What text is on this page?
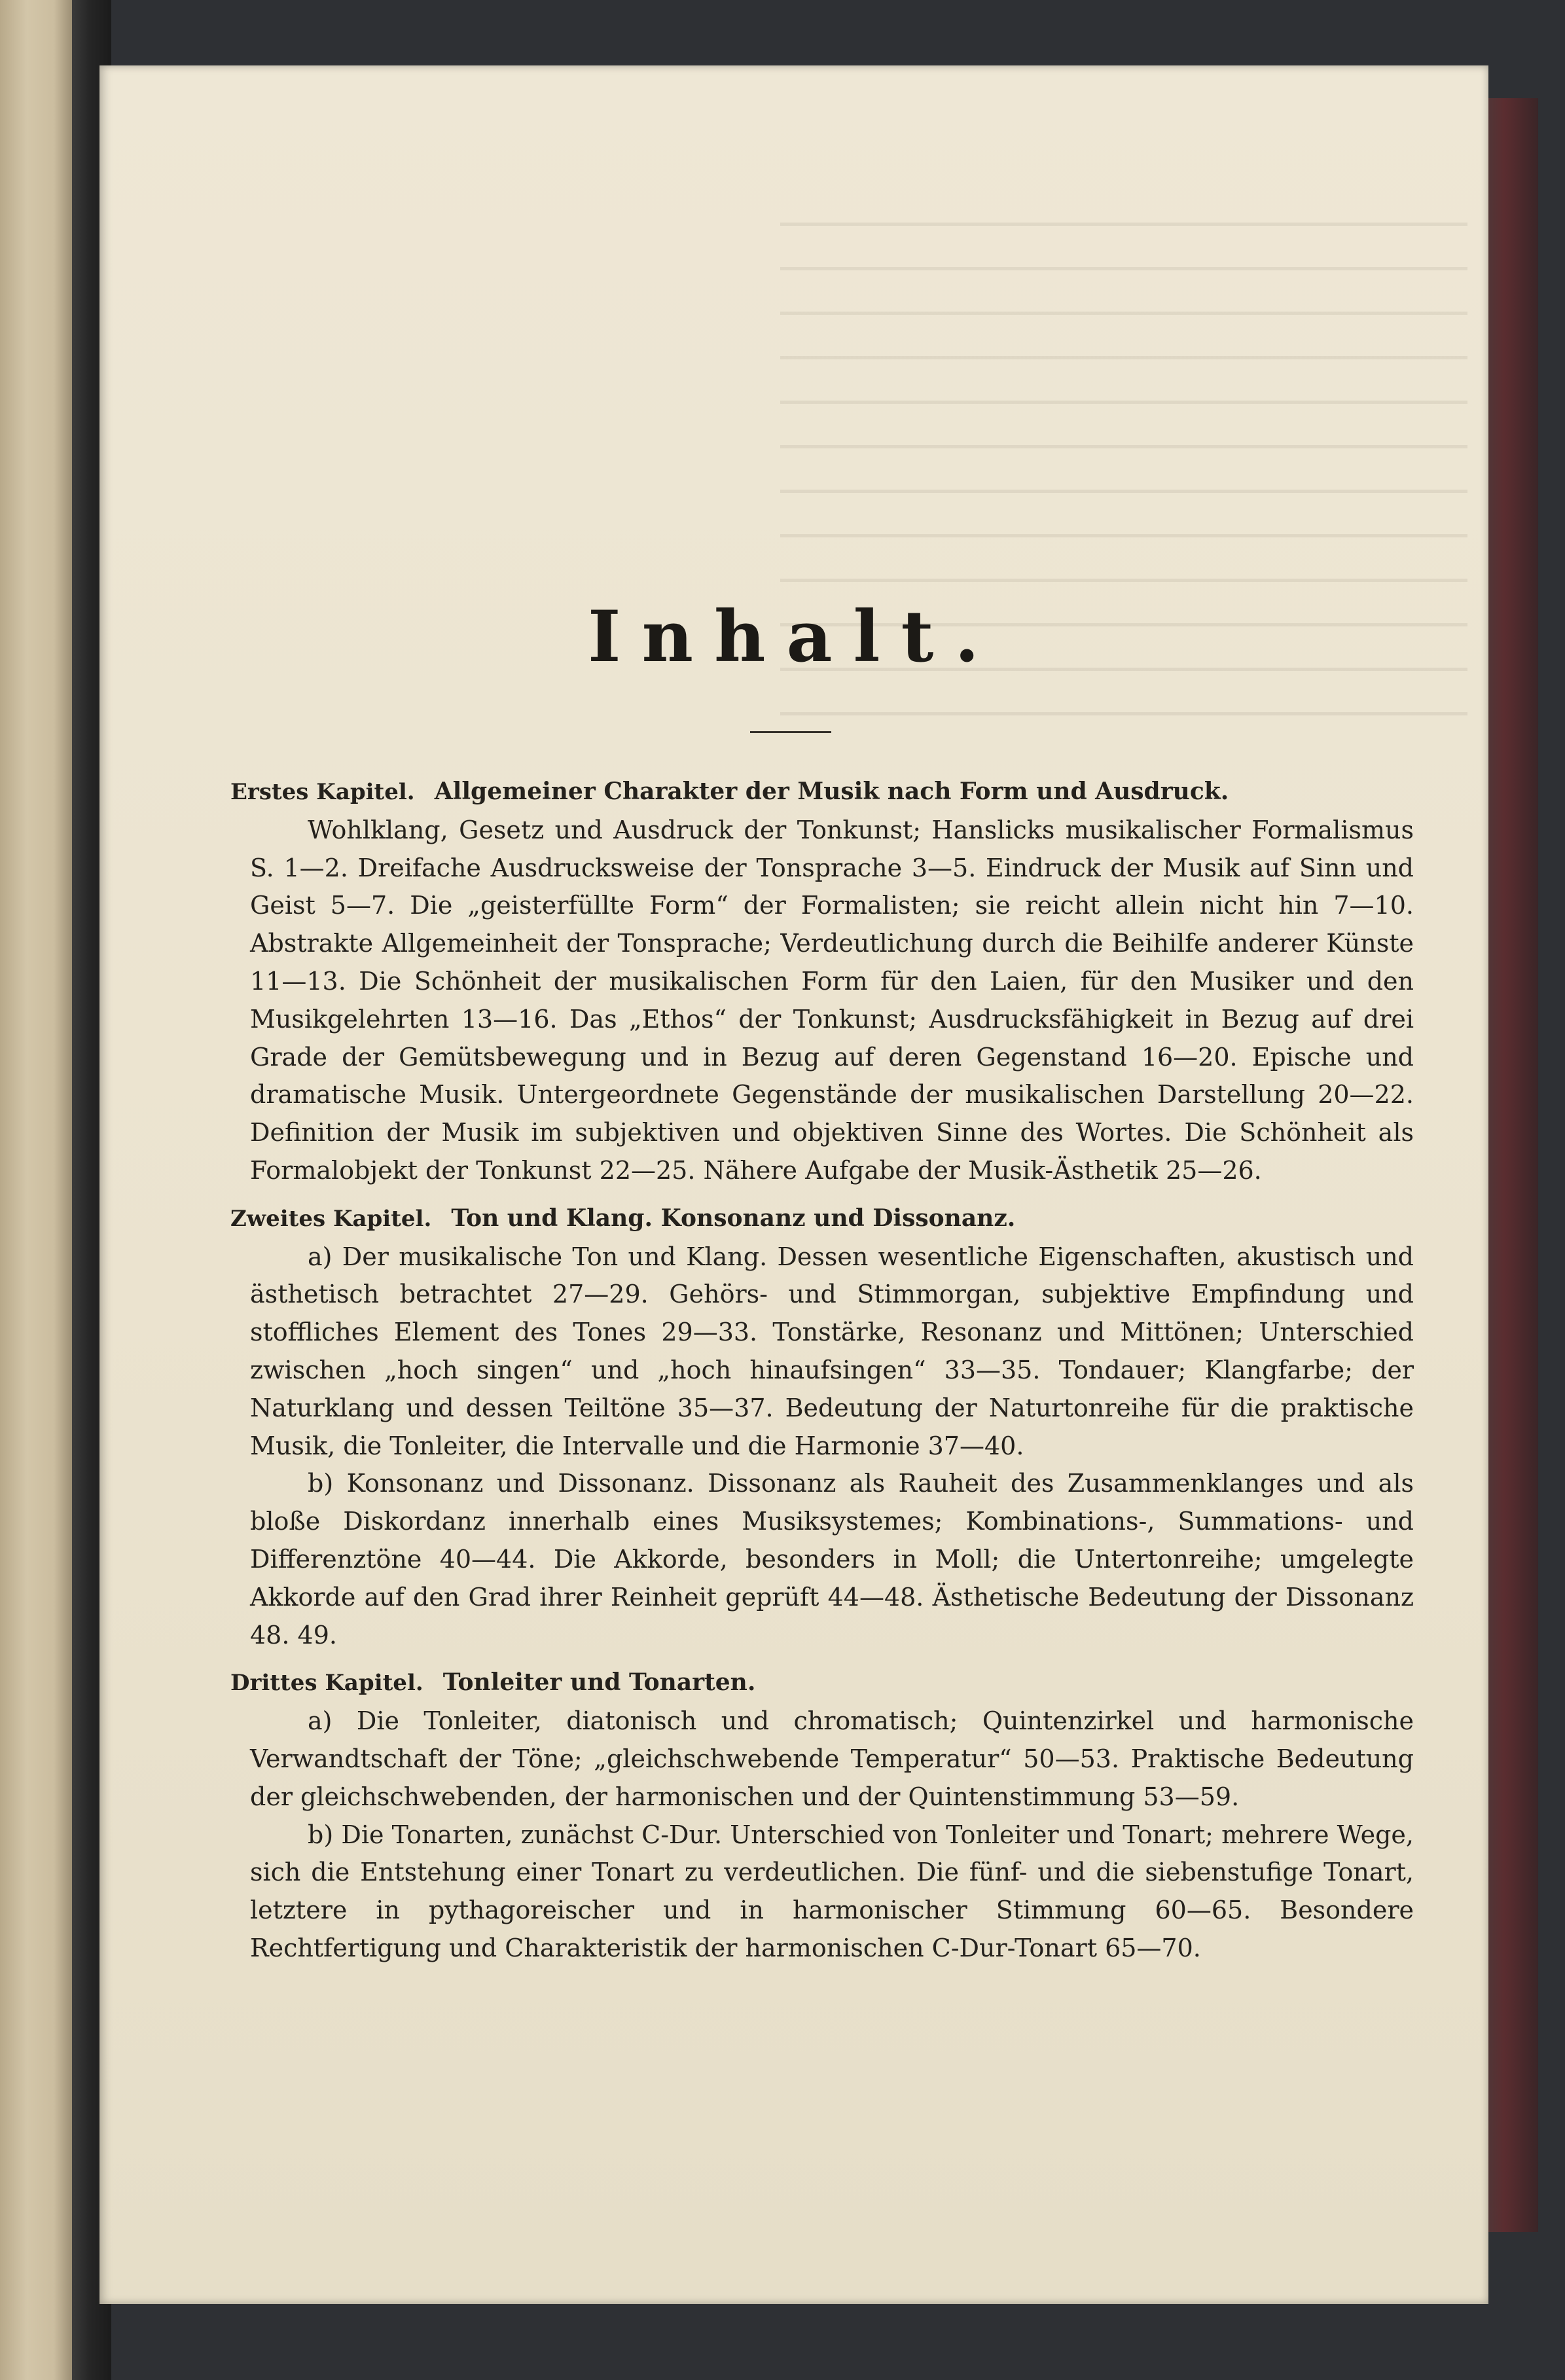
Inhalt.
Erstes Kapitel. Allgemeiner Charakter der Musik nach Form und Ausdruck.
Wohlklang, Gesetz und Ausdruck der Tonkunst; Hanslicks musikalischer Formalismus S. 1—2. Dreifache Ausdrucksweise der Tonsprache 3—5. Eindruck der Musik auf Sinn und Geist 5—7. Die „geisterfüllte Form“ der Formalisten; sie reicht allein nicht hin 7—10. Abstrakte Allgemeinheit der Tonsprache; Verdeutlichung durch die Beihilfe anderer Künste 11—13. Die Schönheit der musikalischen Form für den Laien, für den Musiker und den Musikgelehrten 13—16. Das „Ethos“ der Tonkunst; Ausdrucksfähigkeit in Bezug auf drei Grade der Gemütsbewegung und in Bezug auf deren Gegenstand 16—20. Epische und dramatische Musik. Untergeordnete Gegenstände der musikalischen Darstellung 20—22. Definition der Musik im subjektiven und objektiven Sinne des Wortes. Die Schönheit als Formalobjekt der Tonkunst 22—25. Nähere Aufgabe der Musik-Ästhetik 25—26.
Zweites Kapitel. Ton und Klang. Konsonanz und Dissonanz.
a) Der musikalische Ton und Klang. Dessen wesentliche Eigenschaften, akustisch und ästhetisch betrachtet 27—29. Gehörs- und Stimmorgan, subjektive Empfindung und stoffliches Element des Tones 29—33. Tonstärke, Resonanz und Mittönen; Unterschied zwischen „hoch singen“ und „hoch hinaufsingen“ 33—35. Tondauer; Klangfarbe; der Naturklang und dessen Teiltöne 35—37. Bedeutung der Naturtonreihe für die praktische Musik, die Tonleiter, die Intervalle und die Harmonie 37—40.
b) Konsonanz und Dissonanz. Dissonanz als Rauheit des Zusammenklanges und als bloße Diskordanz innerhalb eines Musiksystemes; Kombinations-, Summations- und Differenztöne 40—44. Die Akkorde, besonders in Moll; die Untertonreihe; umgelegte Akkorde auf den Grad ihrer Reinheit geprüft 44—48. Ästhetische Bedeutung der Dissonanz 48. 49.
Drittes Kapitel. Tonleiter und Tonarten.
a) Die Tonleiter, diatonisch und chromatisch; Quintenzirkel und harmonische Verwandtschaft der Töne; „gleichschwebende Temperatur“ 50—53. Praktische Bedeutung der gleichschwebenden, der harmonischen und der Quintenstimmung 53—59.
b) Die Tonarten, zunächst C-Dur. Unterschied von Tonleiter und Tonart; mehrere Wege, sich die Entstehung einer Tonart zu verdeutlichen. Die fünf- und die siebenstufige Tonart, letztere in pythagoreischer und in harmonischer Stimmung 60—65. Besondere Rechtfertigung und Charakteristik der harmonischen C-Dur-Tonart 65—70.
